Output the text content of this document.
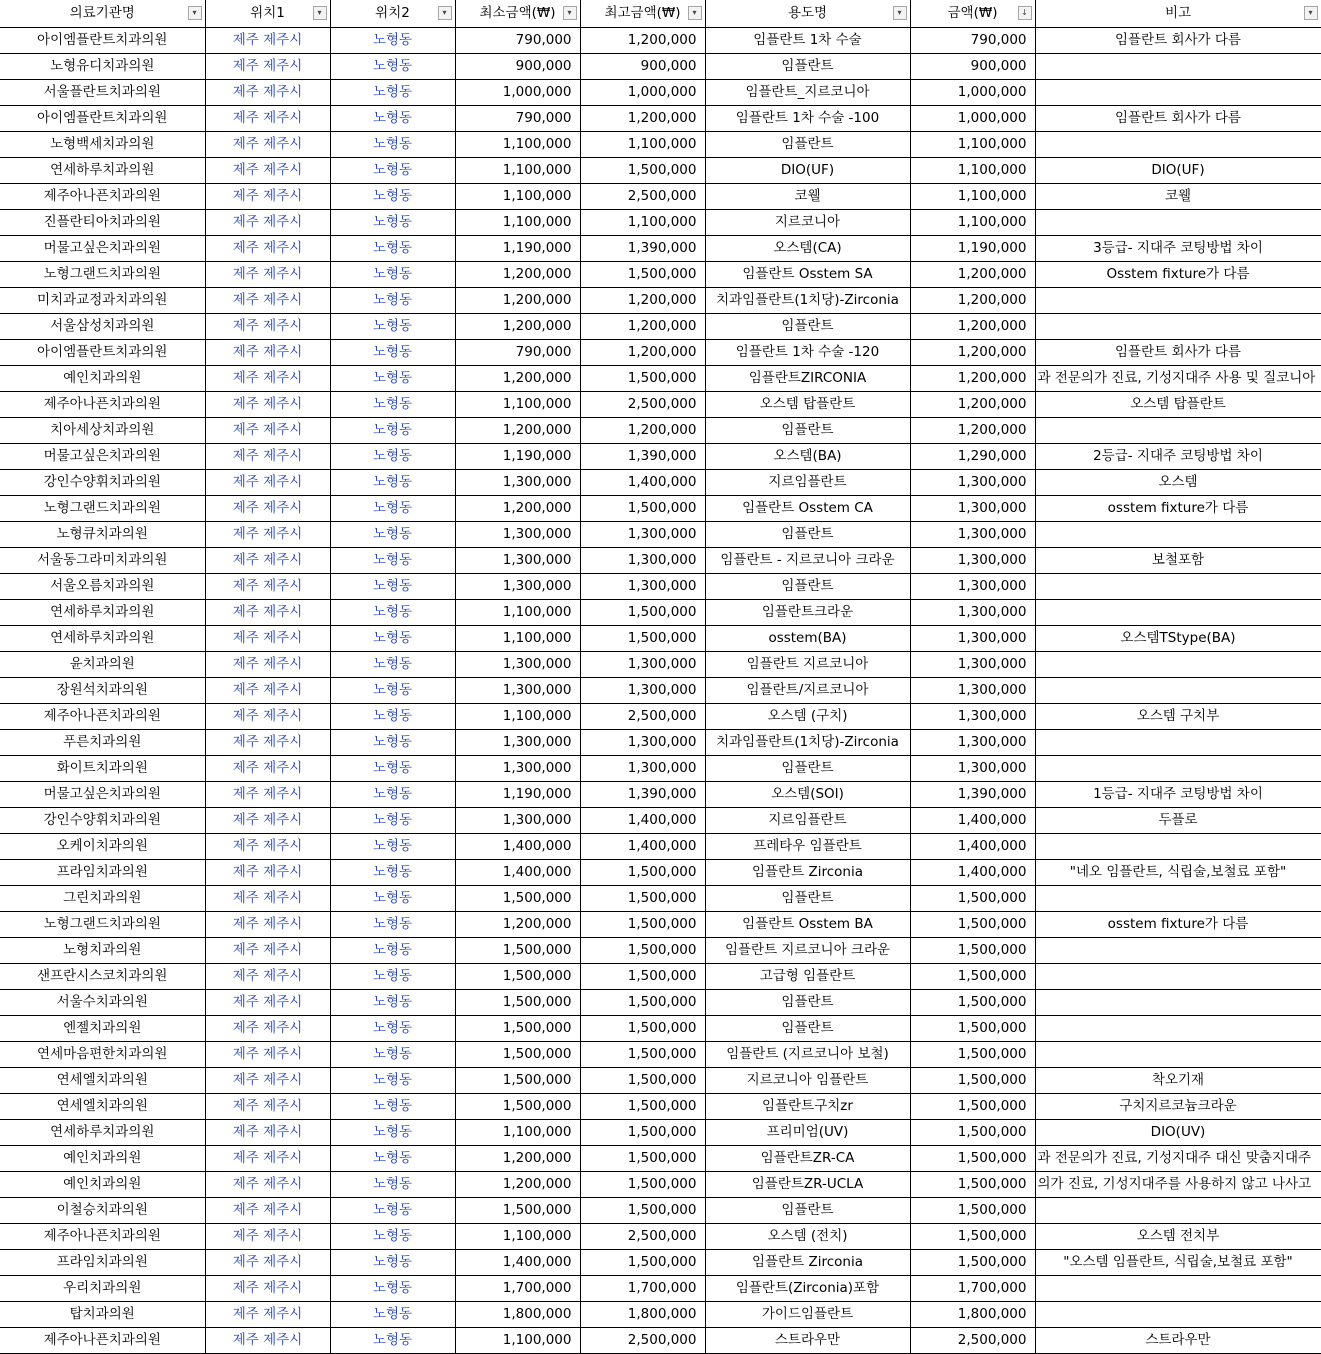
의료기관명 ▾	위치1 ▾	위치2 ▾	최소금액(₩) ▾	최고금액(₩) ▾	용도명 ▾	금액(₩) ↓	비고 ▾

아이엠플란트치과의원	제주 제주시	노형동	790,000	1,200,000	임플란트 1차 수술	790,000	임플란트 회사가 다름
노형유디치과의원	제주 제주시	노형동	900,000	900,000	임플란트	900,000	
서울플란트치과의원	제주 제주시	노형동	1,000,000	1,000,000	임플란트_지르코니아	1,000,000	
아이엠플란트치과의원	제주 제주시	노형동	790,000	1,200,000	임플란트 1차 수술 -100	1,000,000	임플란트 회사가 다름
노형백세치과의원	제주 제주시	노형동	1,100,000	1,100,000	임플란트	1,100,000	
연세하루치과의원	제주 제주시	노형동	1,100,000	1,500,000	DIO(UF)	1,100,000	DIO(UF)
제주아나픈치과의원	제주 제주시	노형동	1,100,000	2,500,000	코웰	1,100,000	코웰
진플란티아치과의원	제주 제주시	노형동	1,100,000	1,100,000	지르코니아	1,100,000	
머물고싶은치과의원	제주 제주시	노형동	1,190,000	1,390,000	오스템(CA)	1,190,000	3등급- 지대주 코팅방법 차이
노형그랜드치과의원	제주 제주시	노형동	1,200,000	1,500,000	임플란트 Osstem SA	1,200,000	Osstem fixture가 다름
미치과교정과치과의원	제주 제주시	노형동	1,200,000	1,200,000	치과임플란트(1치당)-Zirconia	1,200,000	
서울삼성치과의원	제주 제주시	노형동	1,200,000	1,200,000	임플란트	1,200,000	
아이엠플란트치과의원	제주 제주시	노형동	790,000	1,200,000	임플란트 1차 수술 -120	1,200,000	임플란트 회사가 다름
예인치과의원	제주 제주시	노형동	1,200,000	1,500,000	임플란트ZIRCONIA	1,200,000	과 전문의가 진료, 기성지대주 사용 및 질코니아
제주아나픈치과의원	제주 제주시	노형동	1,100,000	2,500,000	오스템 탑플란트	1,200,000	오스템 탑플란트
치아세상치과의원	제주 제주시	노형동	1,200,000	1,200,000	임플란트	1,200,000	
머물고싶은치과의원	제주 제주시	노형동	1,190,000	1,390,000	오스템(BA)	1,290,000	2등급- 지대주 코팅방법 차이
강인수양휘치과의원	제주 제주시	노형동	1,300,000	1,400,000	지르임플란트	1,300,000	오스템
노형그랜드치과의원	제주 제주시	노형동	1,200,000	1,500,000	임플란트 Osstem CA	1,300,000	osstem fixture가 다름
노형큐치과의원	제주 제주시	노형동	1,300,000	1,300,000	임플란트	1,300,000	
서울동그라미치과의원	제주 제주시	노형동	1,300,000	1,300,000	임플란트 - 지르코니아 크라운	1,300,000	보철포함
서울오름치과의원	제주 제주시	노형동	1,300,000	1,300,000	임플란트	1,300,000	
연세하루치과의원	제주 제주시	노형동	1,100,000	1,500,000	임플란트크라운	1,300,000	
연세하루치과의원	제주 제주시	노형동	1,100,000	1,500,000	osstem(BA)	1,300,000	오스템TStype(BA)
윤치과의원	제주 제주시	노형동	1,300,000	1,300,000	임플란트 지르코니아	1,300,000	
장원석치과의원	제주 제주시	노형동	1,300,000	1,300,000	임플란트/지르코니아	1,300,000	
제주아나픈치과의원	제주 제주시	노형동	1,100,000	2,500,000	오스템 (구치)	1,300,000	오스템 구치부
푸른치과의원	제주 제주시	노형동	1,300,000	1,300,000	치과임플란트(1치당)-Zirconia	1,300,000	
화이트치과의원	제주 제주시	노형동	1,300,000	1,300,000	임플란트	1,300,000	
머물고싶은치과의원	제주 제주시	노형동	1,190,000	1,390,000	오스템(SOI)	1,390,000	1등급- 지대주 코팅방법 차이
강인수양휘치과의원	제주 제주시	노형동	1,300,000	1,400,000	지르임플란트	1,400,000	두플로
오케이치과의원	제주 제주시	노형동	1,400,000	1,400,000	프레타우 임플란트	1,400,000	
프라임치과의원	제주 제주시	노형동	1,400,000	1,500,000	임플란트 Zirconia	1,400,000	"네오 임플란트, 식립술,보철료 포함"
그린치과의원	제주 제주시	노형동	1,500,000	1,500,000	임플란트	1,500,000	
노형그랜드치과의원	제주 제주시	노형동	1,200,000	1,500,000	임플란트 Osstem BA	1,500,000	osstem fixture가 다름
노형치과의원	제주 제주시	노형동	1,500,000	1,500,000	임플란트 지르코니아 크라운	1,500,000	
샌프란시스코치과의원	제주 제주시	노형동	1,500,000	1,500,000	고급형 임플란트	1,500,000	
서울수치과의원	제주 제주시	노형동	1,500,000	1,500,000	임플란트	1,500,000	
엔젤치과의원	제주 제주시	노형동	1,500,000	1,500,000	임플란트	1,500,000	
연세마음편한치과의원	제주 제주시	노형동	1,500,000	1,500,000	임플란트 (지르코니아 보철)	1,500,000	
연세엘치과의원	제주 제주시	노형동	1,500,000	1,500,000	지르코니아 임플란트	1,500,000	착오기재
연세엘치과의원	제주 제주시	노형동	1,500,000	1,500,000	임플란트구치zr	1,500,000	구치지르코늄크라운
연세하루치과의원	제주 제주시	노형동	1,100,000	1,500,000	프리미엄(UV)	1,500,000	DIO(UV)
예인치과의원	제주 제주시	노형동	1,200,000	1,500,000	임플란트ZR-CA	1,500,000	과 전문의가 진료, 기성지대주 대신 맞춤지대주
예인치과의원	제주 제주시	노형동	1,200,000	1,500,000	임플란트ZR-UCLA	1,500,000	의가 진료, 기성지대주를 사용하지 않고 나사고
이철승치과의원	제주 제주시	노형동	1,500,000	1,500,000	임플란트	1,500,000	
제주아나픈치과의원	제주 제주시	노형동	1,100,000	2,500,000	오스템 (전치)	1,500,000	오스템 전치부
프라임치과의원	제주 제주시	노형동	1,400,000	1,500,000	임플란트 Zirconia	1,500,000	"오스템 임플란트, 식립술,보철료 포함"
우리치과의원	제주 제주시	노형동	1,700,000	1,700,000	임플란트(Zirconia)포함	1,700,000	
탑치과의원	제주 제주시	노형동	1,800,000	1,800,000	가이드임플란트	1,800,000	
제주아나픈치과의원	제주 제주시	노형동	1,100,000	2,500,000	스트라우만	2,500,000	스트라우만
